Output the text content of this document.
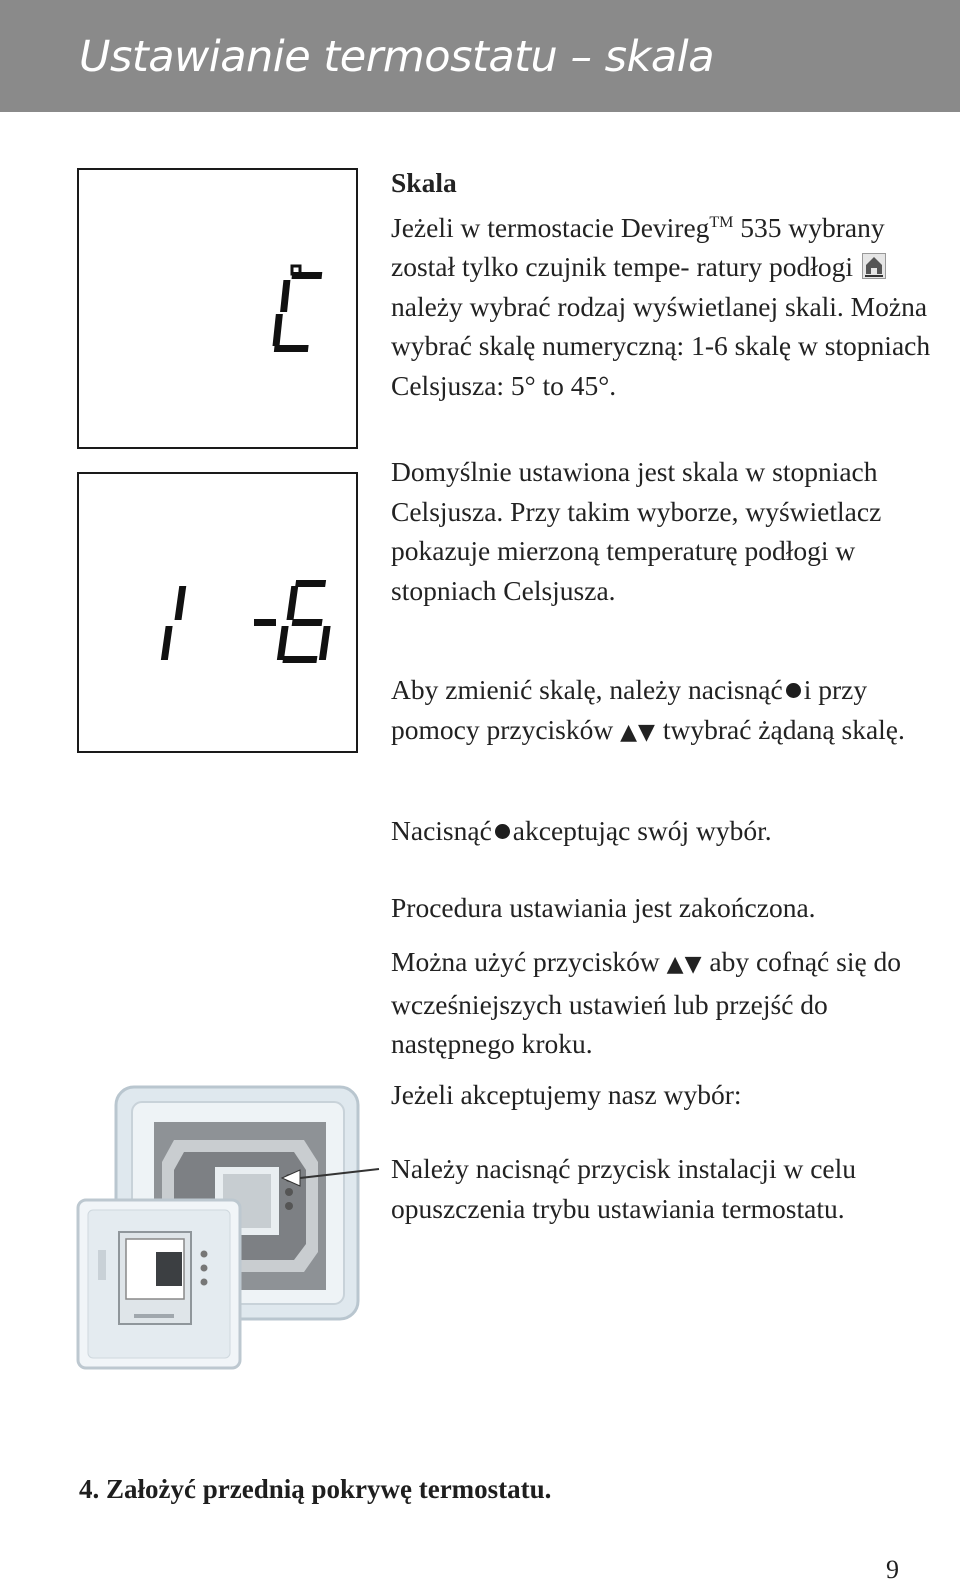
Ustawianie termostatu – skala

Skala
Jeżeli w termostacie Devireg™ 535 wybrany został tylko czujnik tempe- ratury podłogi  należy wybrać rodzaj wyświetlanej skali. Można wybrać skalę numeryczną: 1-6 skalę w stopniach Celsjusza: 5° to 45°.

Domyślnie ustawiona jest skala w stopniach Celsjusza. Przy takim wyborze, wyświetlacz pokazuje mierzoną temperaturę podłogi w stopniach Celsjusza.

Aby zmienić skalę, należy nacisnąć i przy pomocy przycisków ▲▼ twybrać żądaną skalę.

Nacisnąć akceptując swój wybór.

Procedura ustawiania jest zakończona.

Można użyć przycisków ▲▼ aby cofnąć się do wcześniejszych ustawień lub przejść do następnego kroku.

Jeżeli akceptujemy nasz wybór:

Należy nacisnąć przycisk instalacji w celu opuszczenia trybu ustawiania termostatu.

4. Założyć przednią pokrywę termostatu.
9
